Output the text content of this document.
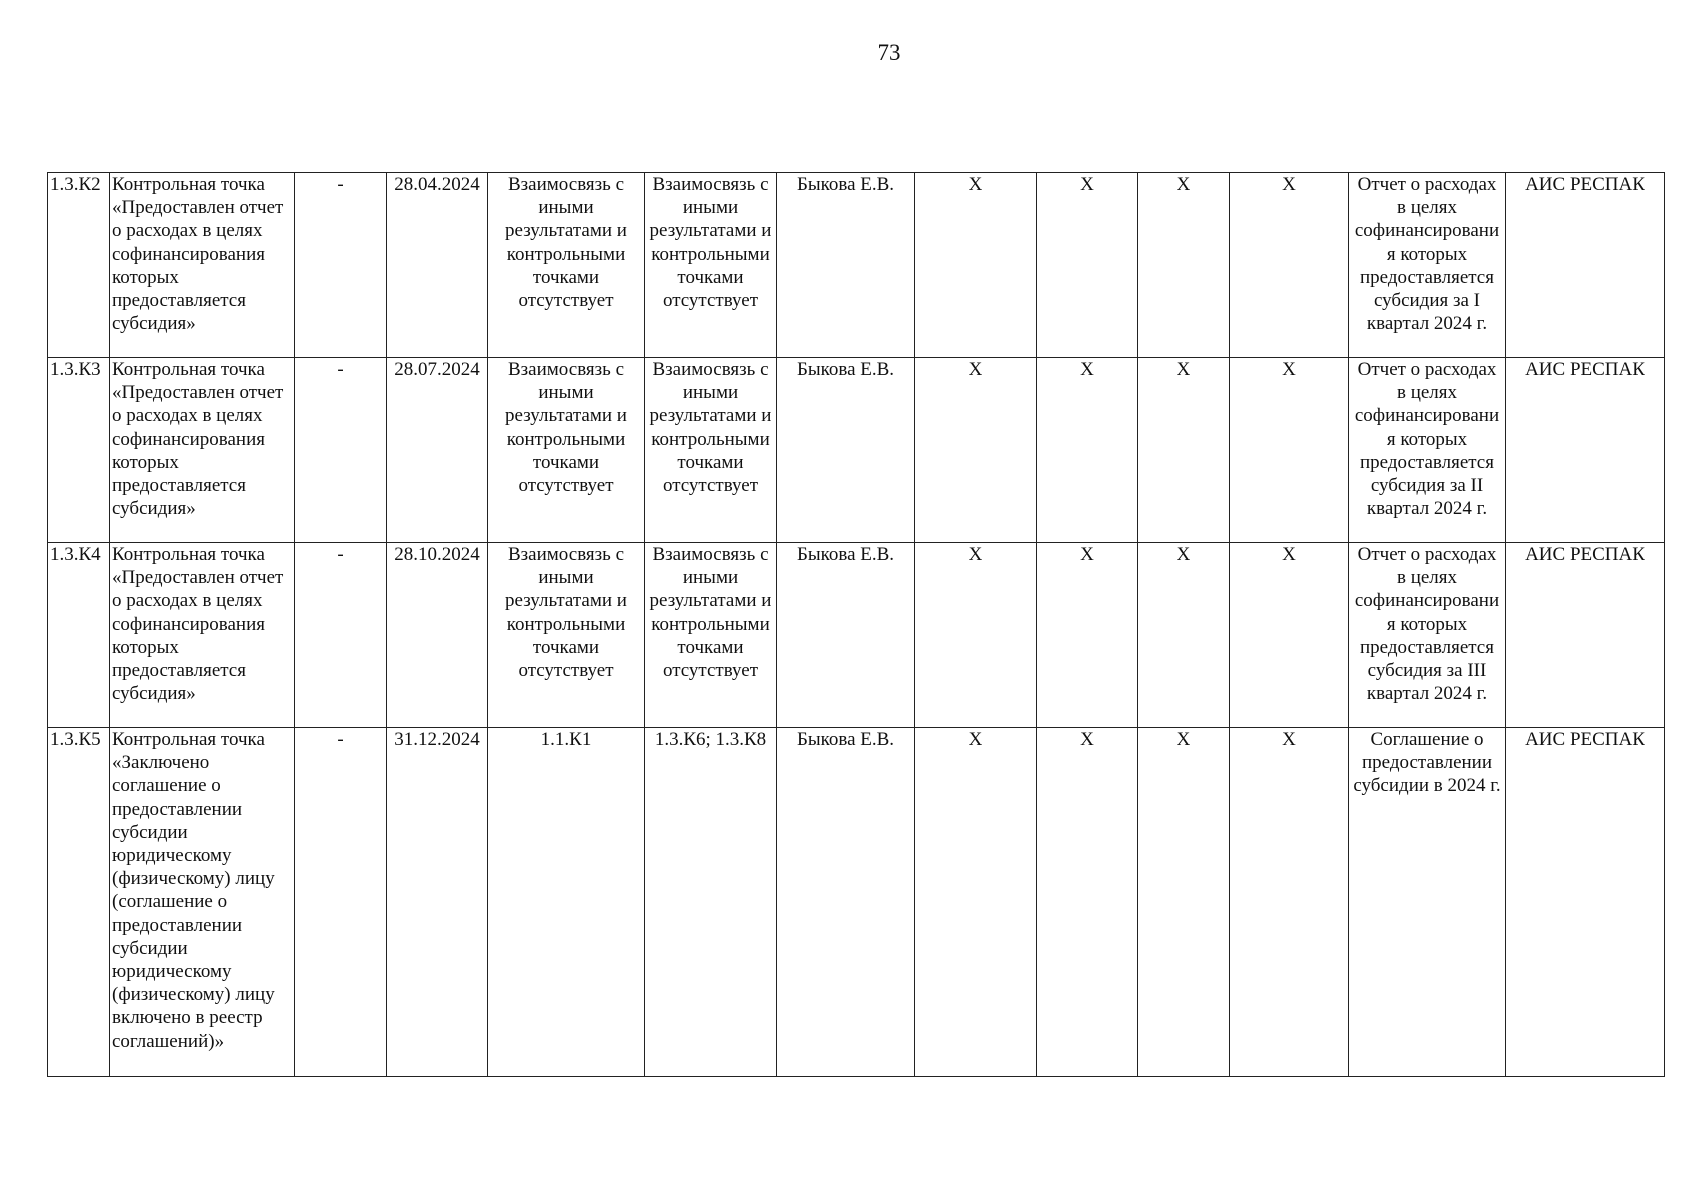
73
1.3.К2	Контрольная точка «Предоставлен отчет о расходах в целях софинансирования которых предоставляется субсидия»	-	28.04.2024	Взаимосвязь с иными результатами и контрольными точками отсутствует	Взаимосвязь с иными результатами и контрольными точками отсутствует	Быкова Е.В.	X	X	X	X	Отчет о расходах в целях софинансирования которых предоставляется субсидия за I квартал 2024 г.	АИС РЕСПАК
1.3.К3	Контрольная точка «Предоставлен отчет о расходах в целях софинансирования которых предоставляется субсидия»	-	28.07.2024	Взаимосвязь с иными результатами и контрольными точками отсутствует	Взаимосвязь с иными результатами и контрольными точками отсутствует	Быкова Е.В.	X	X	X	X	Отчет о расходах в целях софинансирования которых предоставляется субсидия за II квартал 2024 г.	АИС РЕСПАК
1.3.К4	Контрольная точка «Предоставлен отчет о расходах в целях софинансирования которых предоставляется субсидия»	-	28.10.2024	Взаимосвязь с иными результатами и контрольными точками отсутствует	Взаимосвязь с иными результатами и контрольными точками отсутствует	Быкова Е.В.	X	X	X	X	Отчет о расходах в целях софинансирования которых предоставляется субсидия за III квартал 2024 г.	АИС РЕСПАК
1.3.К5	Контрольная точка «Заключено соглашение о предоставлении субсидии юридическому (физическому) лицу (соглашение о предоставлении субсидии юридическому (физическому) лицу включено в реестр соглашений)»	-	31.12.2024	1.1.К1	1.3.К6; 1.3.К8	Быкова Е.В.	X	X	X	X	Соглашение о предоставлении субсидии в 2024 г.	АИС РЕСПАК
